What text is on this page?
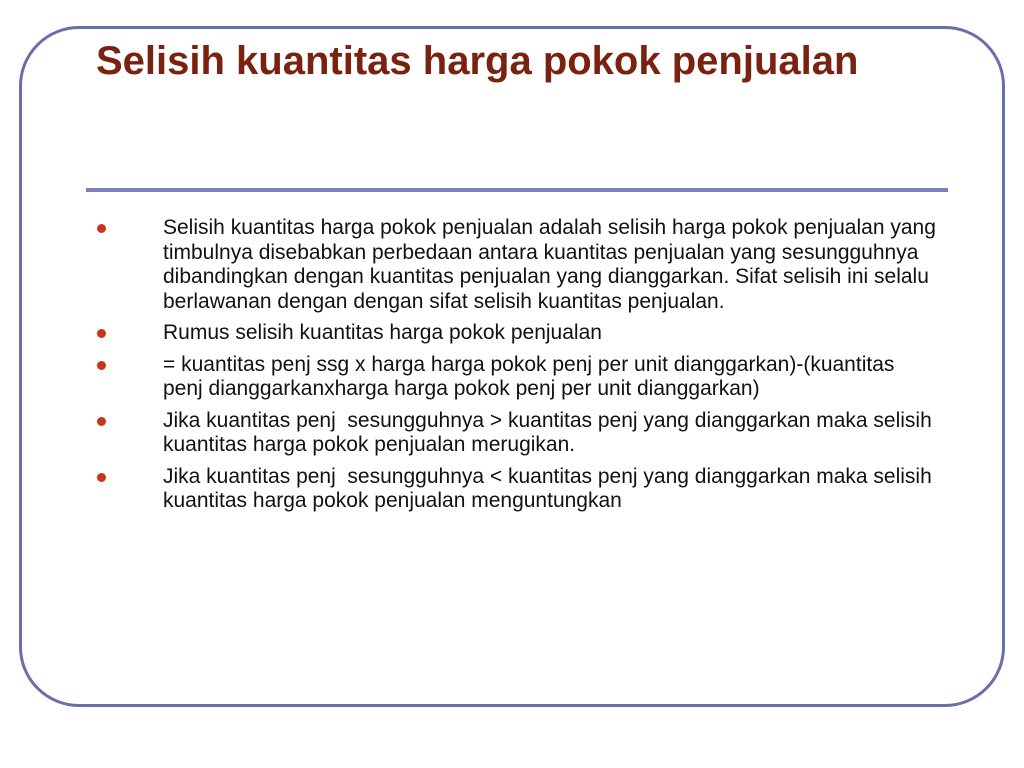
Selisih kuantitas harga pokok penjualan
Selisih kuantitas harga pokok penjualan adalah selisih harga pokok penjualan yang timbulnya disebabkan perbedaan antara kuantitas penjualan yang sesungguhnya dibandingkan dengan kuantitas penjualan yang dianggarkan. Sifat selisih ini selalu berlawanan dengan dengan sifat selisih kuantitas penjualan.
Rumus selisih kuantitas harga pokok penjualan
= kuantitas penj ssg x harga harga pokok penj per unit dianggarkan)-(kuantitas penj dianggarkanxharga harga pokok penj per unit dianggarkan)
Jika kuantitas penj  sesungguhnya > kuantitas penj yang dianggarkan maka selisih kuantitas harga pokok penjualan merugikan.
Jika kuantitas penj  sesungguhnya < kuantitas penj yang dianggarkan maka selisih kuantitas harga pokok penjualan menguntungkan
